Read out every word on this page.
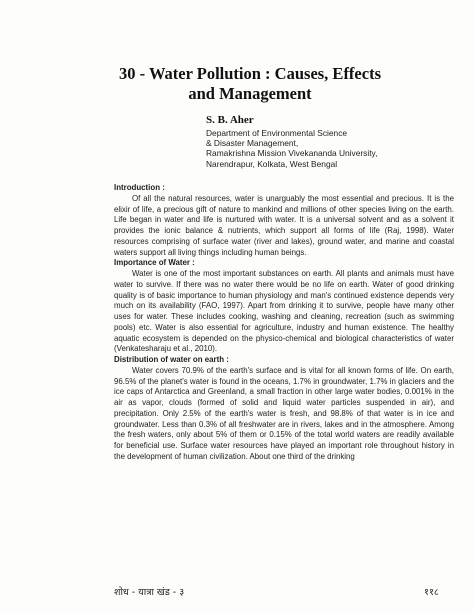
30 - Water Pollution : Causes, Effects
and Management
S. B. Aher
Department of Environmental Science
& Disaster Management,
Ramakrishna Mission Vivekananda University,
Narendrapur, Kolkata, West Bengal
Introduction :
Of all the natural resources, water is unarguably the most essential and precious. It is the elixir of life, a precious gift of nature to mankind and millions of other species living on the earth. Life began in water and life is nurtured with water. It is a universal solvent and as a solvent it provides the ionic balance & nutrients, which support all forms of life (Raj, 1998). Water resources comprising of surface water (river and lakes), ground water, and marine and coastal waters support all living things including human beings.
Importance of Water :
Water is one of the most important substances on earth. All plants and animals must have water to survive. If there was no water there would be no life on earth. Water of good drinking quality is of basic importance to human physiology and man's continued existence depends very much on its availability (FAO, 1997). Apart from drinking it to survive, people have many other uses for water. These includes cooking, washing and cleaning, recreation (such as swimming pools) etc. Water is also essential for agriculture, industry and human existence. The healthy aquatic ecosystem is depended on the physico-chemical and biological characteristics of water (Venkatesharaju et al., 2010).
Distribution of water on earth :
Water covers 70.9% of the earth's surface and is vital for all known forms of life. On earth, 96.5% of the planet's water is found in the oceans, 1.7% in groundwater, 1.7% in glaciers and the ice caps of Antarctica and Greenland, a small fraction in other large water bodies, 0.001% in the air as vapor, clouds (formed of solid and liquid water particles suspended in air), and precipitation. Only 2.5% of the earth's water is fresh, and 98.8% of that water is in ice and groundwater. Less than 0.3% of all freshwater are in rivers, lakes and in the atmosphere. Among the fresh waters, only about 5% of them or 0.15% of the total world waters are readily available for beneficial use. Surface water resources have played an important role throughout history in the development of human civilization. About one third of the drinking
शोध - यात्रा खंड - ३	११८
